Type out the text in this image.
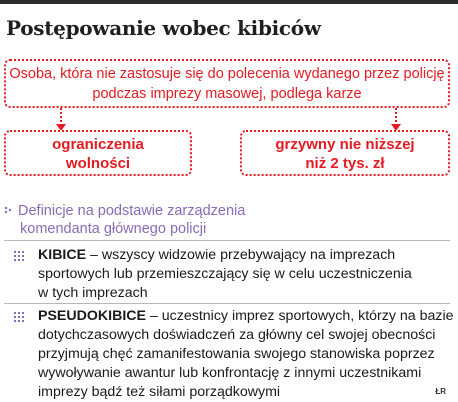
Postępowanie wobec kibiców
Osoba, która nie zastosuje się do polecenia wydanego przez policję
podczas imprezy masowej, podlega karze
ograniczenia
wolności
grzywny nie niższej
niż 2 tys. zł
Definicje na podstawie zarządzenia
komendanta głównego policji
KIBICE – wszyscy widzowie przebywający na imprezach
sportowych lub przemieszczający się w celu uczestniczenia
w tych imprezach
PSEUDOKIBICE – uczestnicy imprez sportowych, którzy na bazie
dotychczasowych doświadczeń za główny cel swojej obecności
przyjmują chęć zamanifestowania swojego stanowiska poprzez
wywoływanie awantur lub konfrontację z innymi uczestnikami
imprezy bądź też siłami porządkowymi	ŁR
